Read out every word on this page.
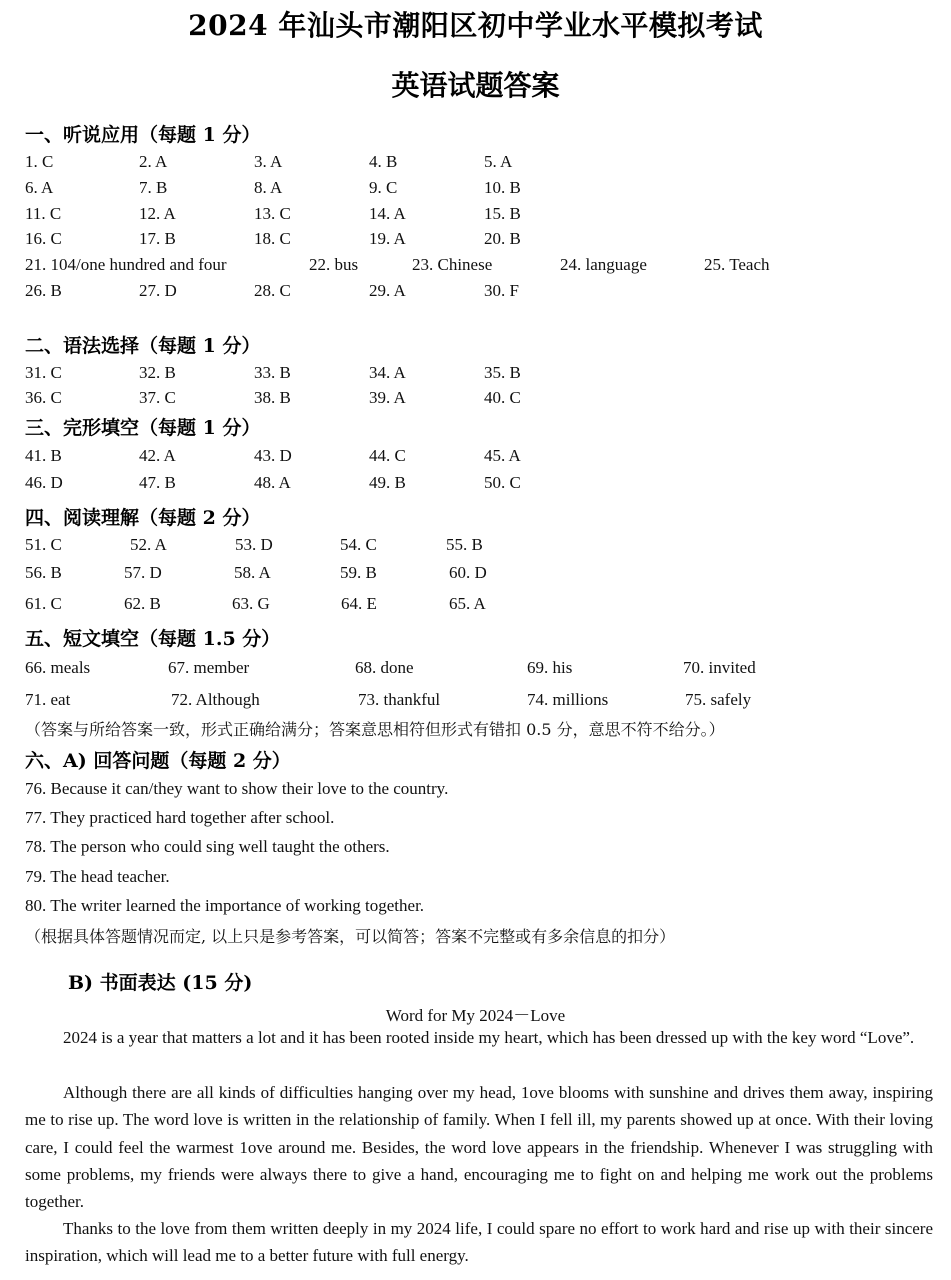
2024 年汕头市潮阳区初中学业水平模拟考试
英语试题答案
一、听说应用（每题 1 分）
1. C	2. A	3. A	4. B	5. A
6. A	7. B	8. A	9. C	10. B
11. C	12. A	13. C	14. A	15. B
16. C	17. B	18. C	19. A	20. B
21. 104/one hundred and four	22. bus	23. Chinese	24. language	25. Teach
26. B	27. D	28. C	29. A	30. F
二、语法选择（每题 1 分）
31. C	32. B	33. B	34. A	35. B
36. C	37. C	38. B	39. A	40. C
三、完形填空（每题 1 分）
41. B	42. A	43. D	44. C	45. A
46. D	47. B	48. A	49. B	50. C
四、阅读理解（每题 2 分）
51. C	52. A	53. D	54. C	55. B
56. B	57. D	58. A	59. B	60. D
61. C	62. B	63. G	64. E	65. A
五、短文填空（每题 1.5 分）
66. meals	67. member	68. done	69. his	70. invited
71. eat	72. Although	73. thankful	74. millions	75. safely
（答案与所给答案一致，形式正确给满分；答案意思相符但形式有错扣 0.5 分，意思不符不给分。）
六、A) 回答问题（每题 2 分）
76. Because it can/they want to show their love to the country.
77. They practiced hard together after school.
78. The person who could sing well taught the others.
79. The head teacher.
80. The writer learned the importance of working together.
（根据具体答题情况而定, 以上只是参考答案，可以简答；答案不完整或有多余信息的扣分）
B) 书面表达 (15 分)
Word for My 2024－Love
2024 is a year that matters a lot and it has been rooted inside my heart, which has been dressed up with the key word “Love”.
Although there are all kinds of difficulties hanging over my head, 1ove blooms with sunshine and drives them away, inspiring me to rise up. The word love is written in the relationship of family. When I fell ill, my parents showed up at once. With their loving care, I could feel the warmest 1ove around me. Besides, the word love appears in the friendship. Whenever I was struggling with some problems, my friends were always there to give a hand, encouraging me to fight on and helping me work out the problems together.
Thanks to the love from them written deeply in my 2024 life, I could spare no effort to work hard and rise up with their sincere inspiration, which will lead me to a better future with full energy.
